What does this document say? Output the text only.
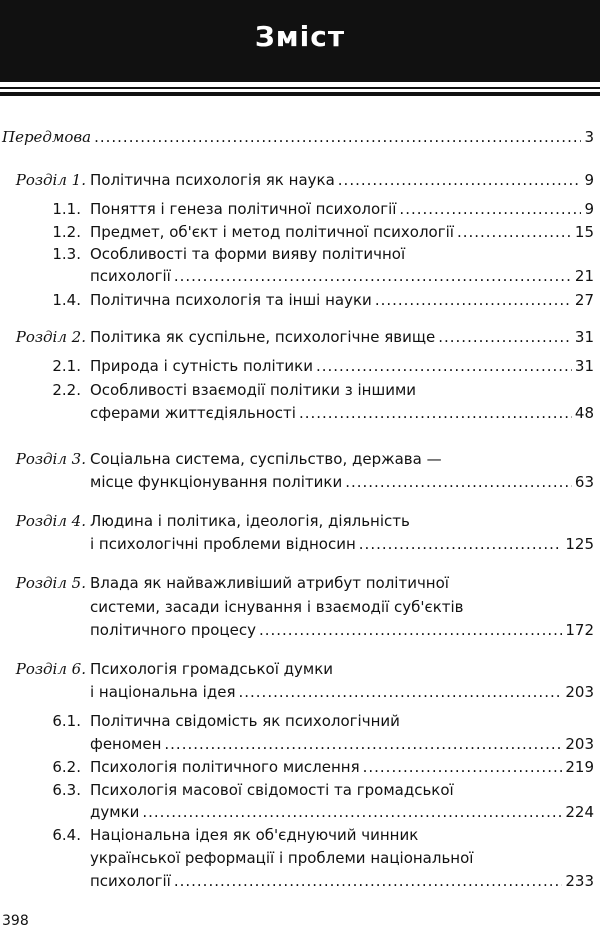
Зміст
Передмова .....	3
Розділ 1. Політична психологія як наука .....	9
1.1. Поняття і генеза політичної психології .....	9
1.2. Предмет, об'єкт і метод політичної психології .....	15
1.3. Особливості та форми вияву політичної
психології .....	21
1.4. Політична психологія та інші науки .....	27
Розділ 2. Політика як суспільне, психологічне явище .....	31
2.1. Природа і сутність політики .....	31
2.2. Особливості взаємодії політики з іншими
сферами життєдіяльності .....	48
Розділ 3. Соціальна система, суспільство, держава —
місце функціонування політики .....	63
Розділ 4. Людина і політика, ідеологія, діяльність
і психологічні проблеми відносин .....	125
Розділ 5. Влада як найважливіший атрибут політичної
системи, засади існування і взаємодії суб'єктів
політичного процесу .....	172
Розділ 6. Психологія громадської думки
і національна ідея .....	203
6.1. Політична свідомість як психологічний
феномен .....	203
6.2. Психологія політичного мислення .....	219
6.3. Психологія масової свідомості та громадської
думки .....	224
6.4. Національна ідея як об'єднуючий чинник
української реформації і проблеми національної
психології .....	233
398
